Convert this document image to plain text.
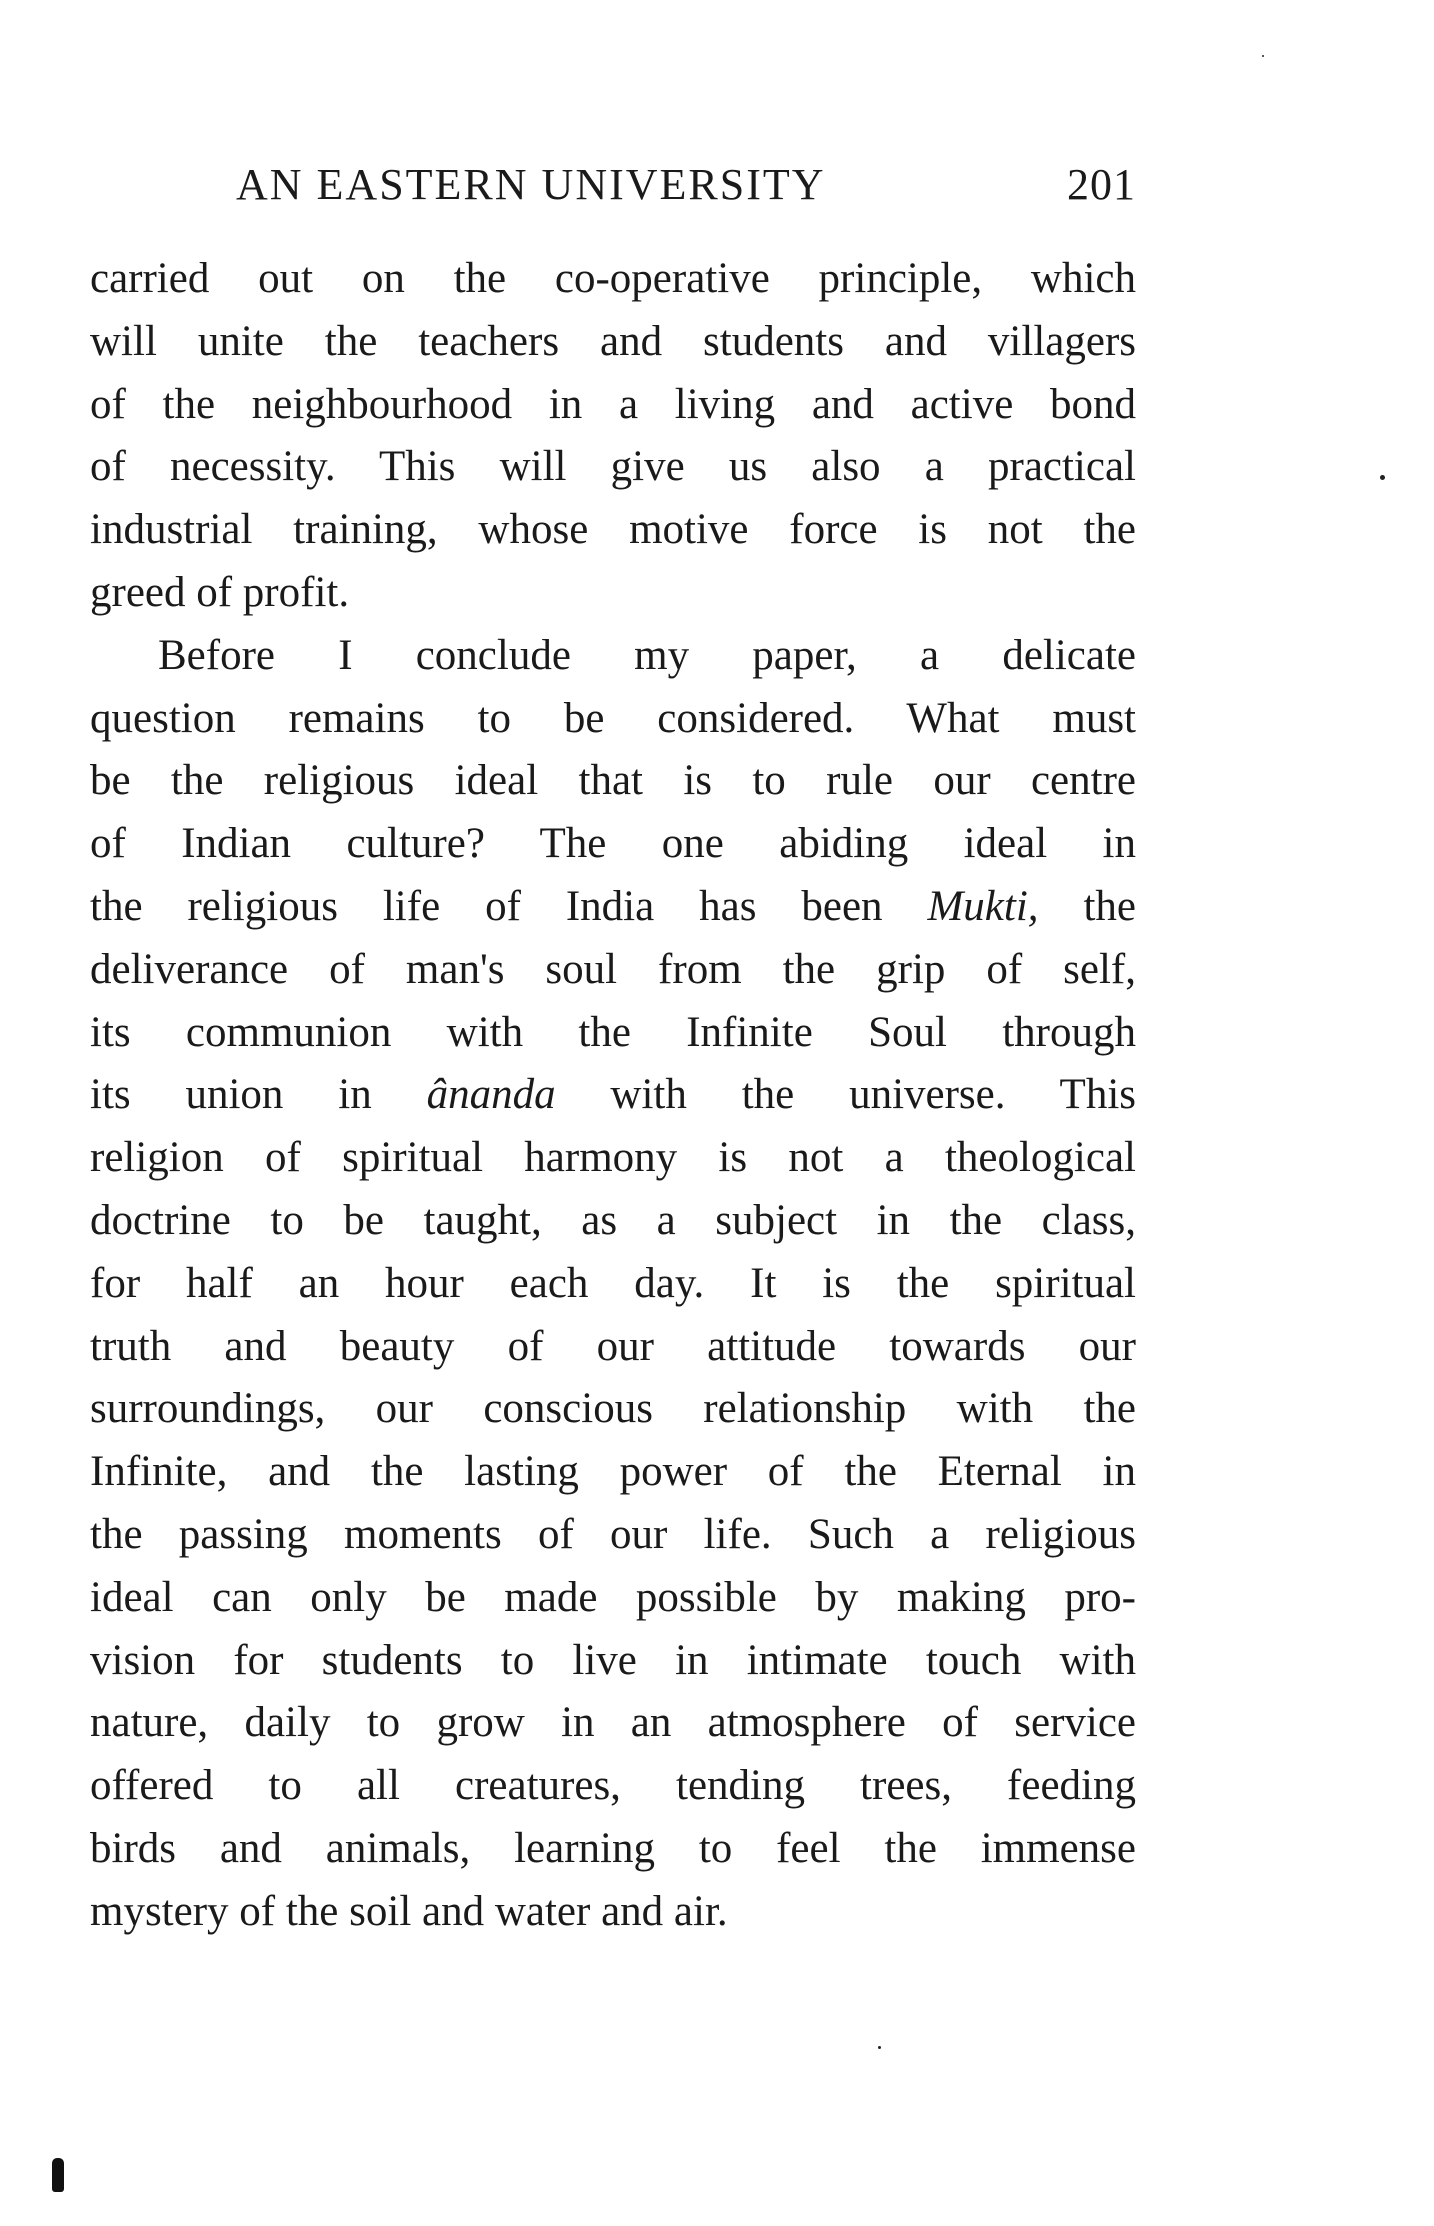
AN EASTERN UNIVERSITY	201
carried out on the co-operative principle, which
will unite the teachers and students and villagers
of the neighbourhood in a living and active bond
of necessity. This will give us also a practical
industrial training, whose motive force is not the
greed of profit.
Before I conclude my paper, a delicate
question remains to be considered. What must
be the religious ideal that is to rule our centre
of Indian culture? The one abiding ideal in
the religious life of India has been Mukti, the
deliverance of man's soul from the grip of self,
its communion with the Infinite Soul through
its union in ânanda with the universe. This
religion of spiritual harmony is not a theological
doctrine to be taught, as a subject in the class,
for half an hour each day. It is the spiritual
truth and beauty of our attitude towards our
surroundings, our conscious relationship with the
Infinite, and the lasting power of the Eternal in
the passing moments of our life. Such a religious
ideal can only be made possible by making pro-
vision for students to live in intimate touch with
nature, daily to grow in an atmosphere of service
offered to all creatures, tending trees, feeding
birds and animals, learning to feel the immense
mystery of the soil and water and air.
